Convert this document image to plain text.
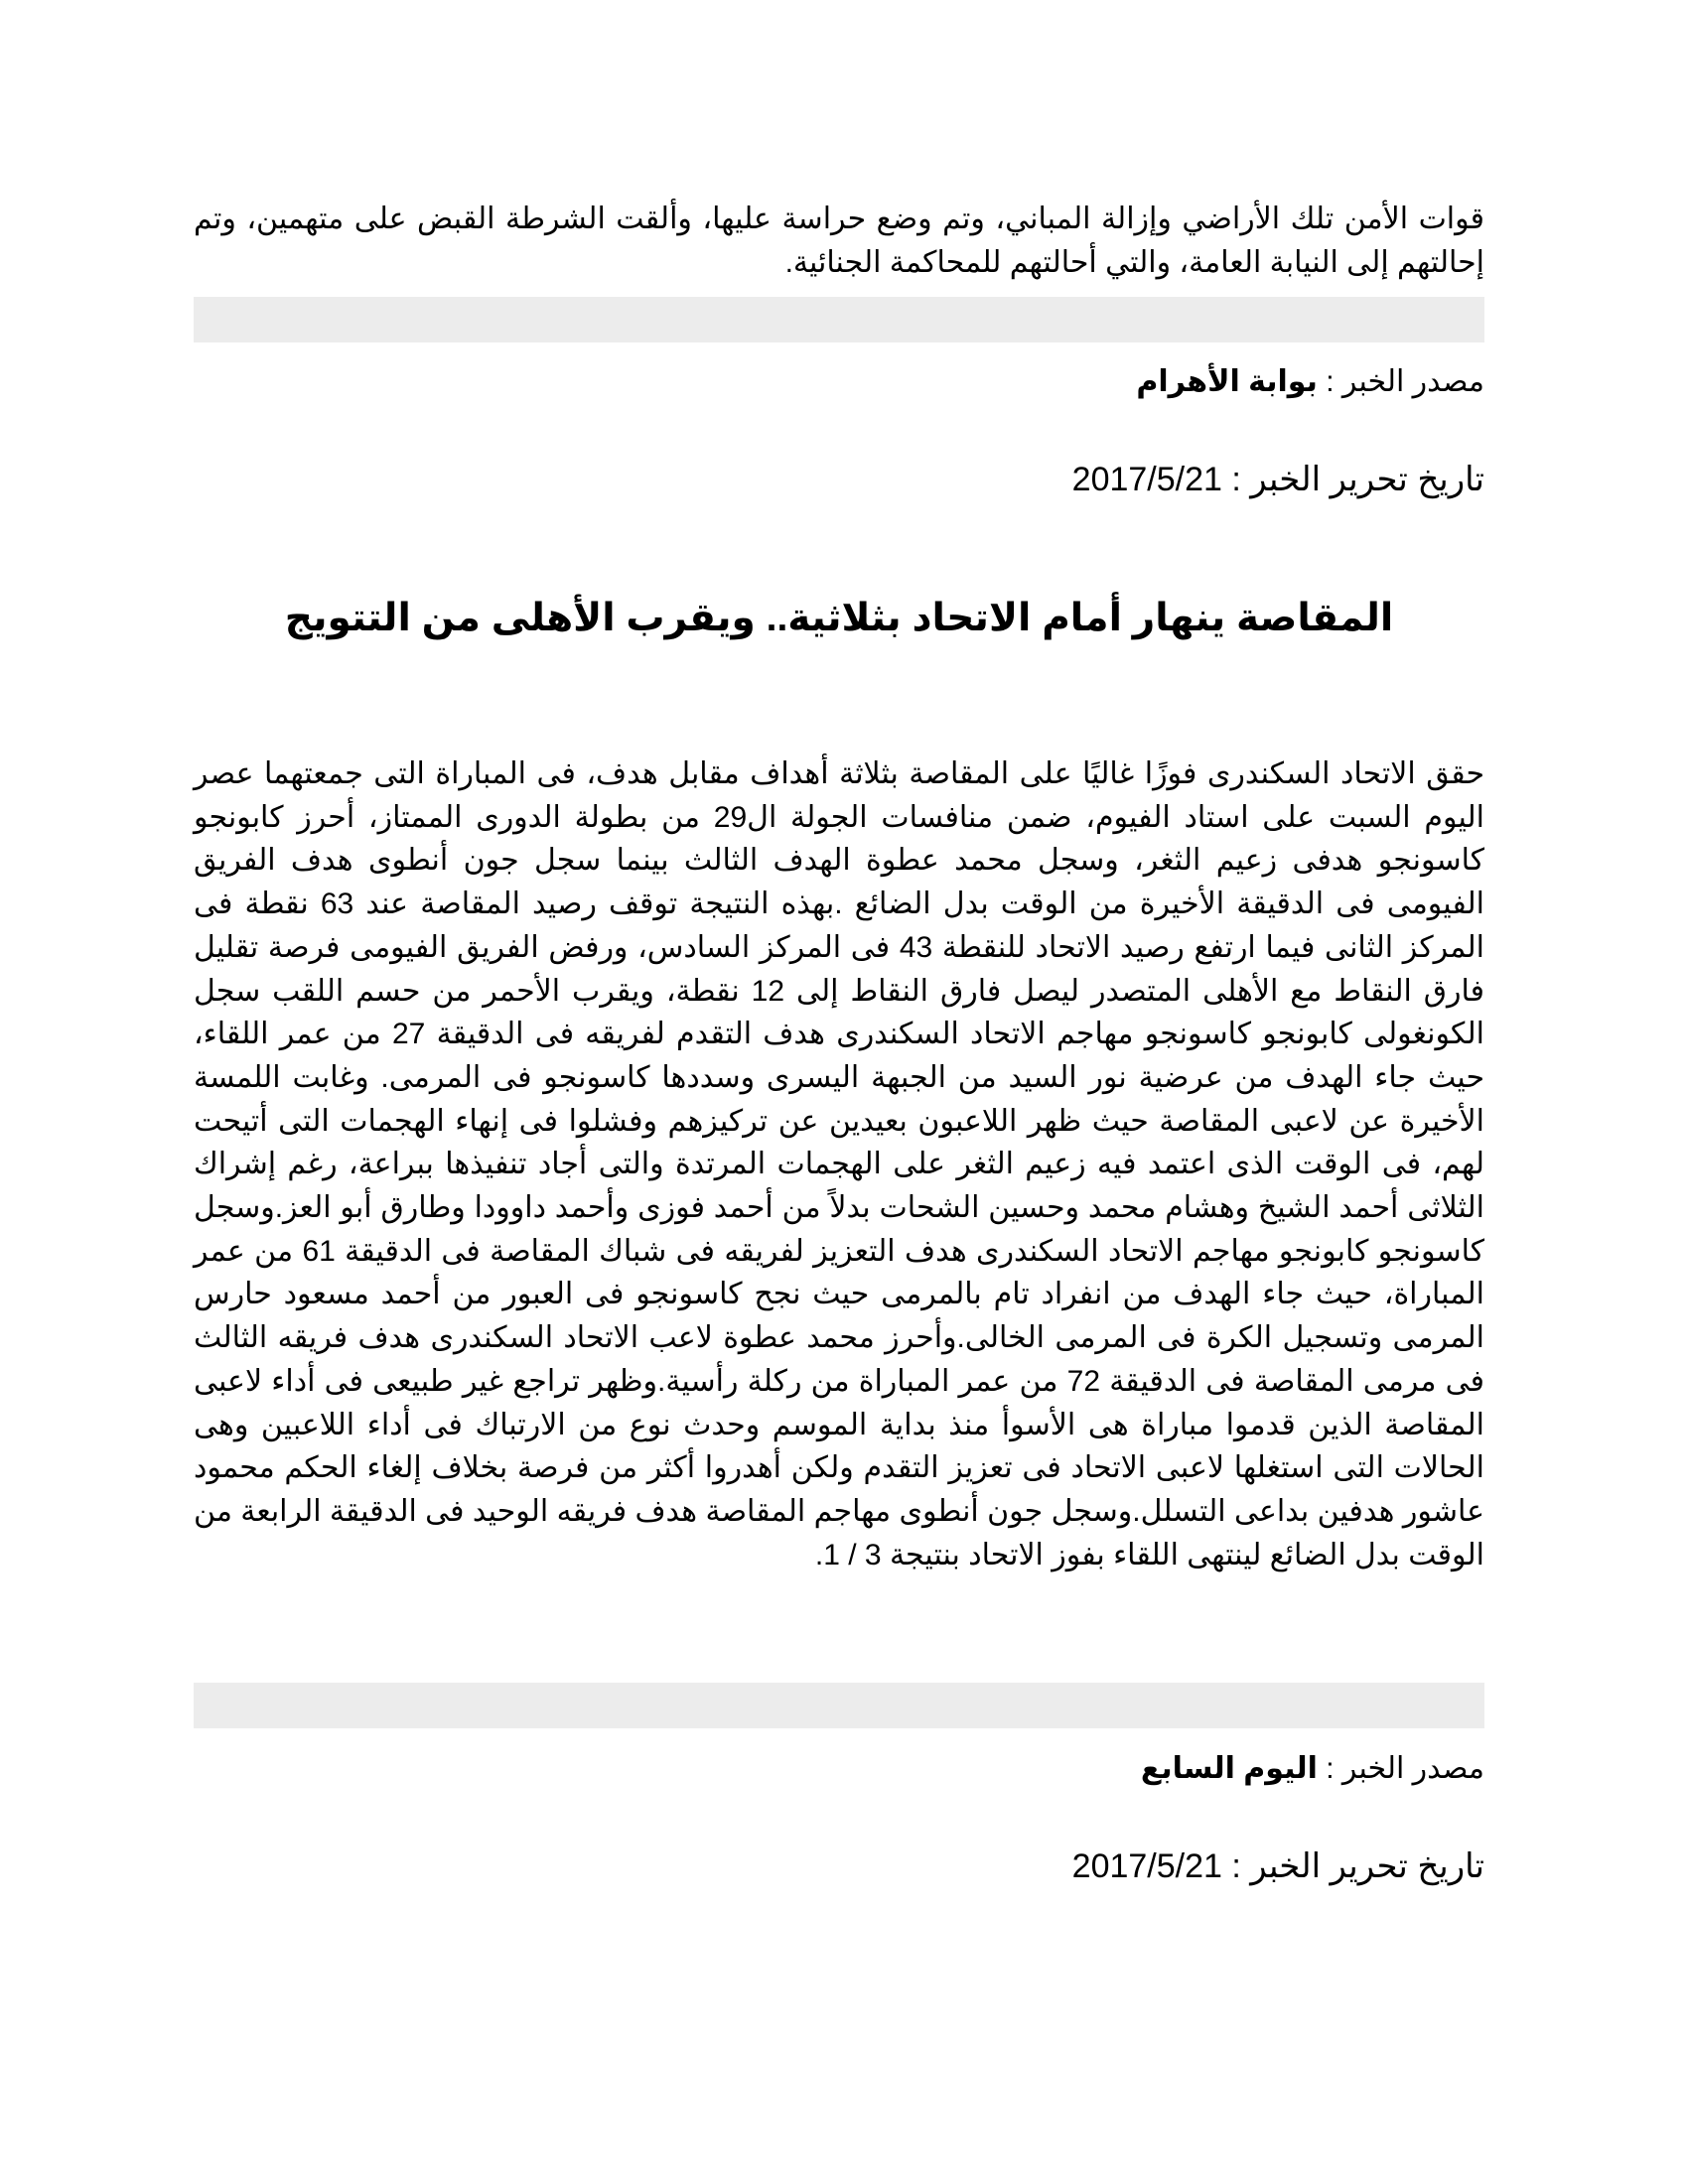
قوات الأمن تلك الأراضي وإزالة المباني، وتم وضع حراسة عليها، وألقت الشرطة القبض على متهمين، وتم إحالتهم إلى النيابة العامة، والتي أحالتهم للمحاكمة الجنائية.
مصدر الخبر : بوابة الأهرام
تاريخ تحرير الخبر : 2017/5/21
المقاصة ينهار أمام الاتحاد بثلاثية.. ويقرب الأهلى من التتويج
حقق الاتحاد السكندرى فوزًا غاليًا على المقاصة بثلاثة أهداف مقابل هدف، فى المباراة التى جمعتهما عصر اليوم السبت على استاد الفيوم، ضمن منافسات الجولة ال29 من بطولة الدورى الممتاز، أحرز كابونجو كاسونجو هدفى زعيم الثغر، وسجل محمد عطوة الهدف الثالث بينما سجل جون أنطوى هدف الفريق الفيومى فى الدقيقة الأخيرة من الوقت بدل الضائع .بهذه النتيجة توقف رصيد المقاصة عند 63 نقطة فى المركز الثانى فيما ارتفع رصيد الاتحاد للنقطة 43 فى المركز السادس، ورفض الفريق الفيومى فرصة تقليل فارق النقاط مع الأهلى المتصدر ليصل فارق النقاط إلى 12 نقطة، ويقرب الأحمر من حسم اللقب سجل الكونغولى كابونجو كاسونجو مهاجم الاتحاد السكندرى هدف التقدم لفريقه فى الدقيقة 27 من عمر اللقاء، حيث جاء الهدف من عرضية نور السيد من الجبهة اليسرى وسددها كاسونجو فى المرمى. وغابت اللمسة الأخيرة عن لاعبى المقاصة حيث ظهر اللاعبون بعيدين عن تركيزهم وفشلوا فى إنهاء الهجمات التى أتيحت لهم، فى الوقت الذى اعتمد فيه زعيم الثغر على الهجمات المرتدة والتى أجاد تنفيذها ببراعة، رغم إشراك الثلاثى أحمد الشيخ وهشام محمد وحسين الشحات بدلاً من أحمد فوزى وأحمد داوودا وطارق أبو العز.وسجل كاسونجو كابونجو مهاجم الاتحاد السكندرى هدف التعزيز لفريقه فى شباك المقاصة فى الدقيقة 61 من عمر المباراة، حيث جاء الهدف من انفراد تام بالمرمى حيث نجح كاسونجو فى العبور من أحمد مسعود حارس المرمى وتسجيل الكرة فى المرمى الخالى.وأحرز محمد عطوة لاعب الاتحاد السكندرى هدف فريقه الثالث فى مرمى المقاصة فى الدقيقة 72 من عمر المباراة من ركلة رأسية.وظهر تراجع غير طبيعى فى أداء لاعبى المقاصة الذين قدموا مباراة هى الأسوأ منذ بداية الموسم وحدث نوع من الارتباك فى أداء اللاعبين وهى الحالات التى استغلها لاعبى الاتحاد فى تعزيز التقدم ولكن أهدروا أكثر من فرصة بخلاف إلغاء الحكم محمود عاشور هدفين بداعى التسلل.وسجل جون أنطوى مهاجم المقاصة هدف فريقه الوحيد فى الدقيقة الرابعة من الوقت بدل الضائع لينتهى اللقاء بفوز الاتحاد بنتيجة 3 / 1.
مصدر الخبر : اليوم السابع
تاريخ تحرير الخبر : 2017/5/21
